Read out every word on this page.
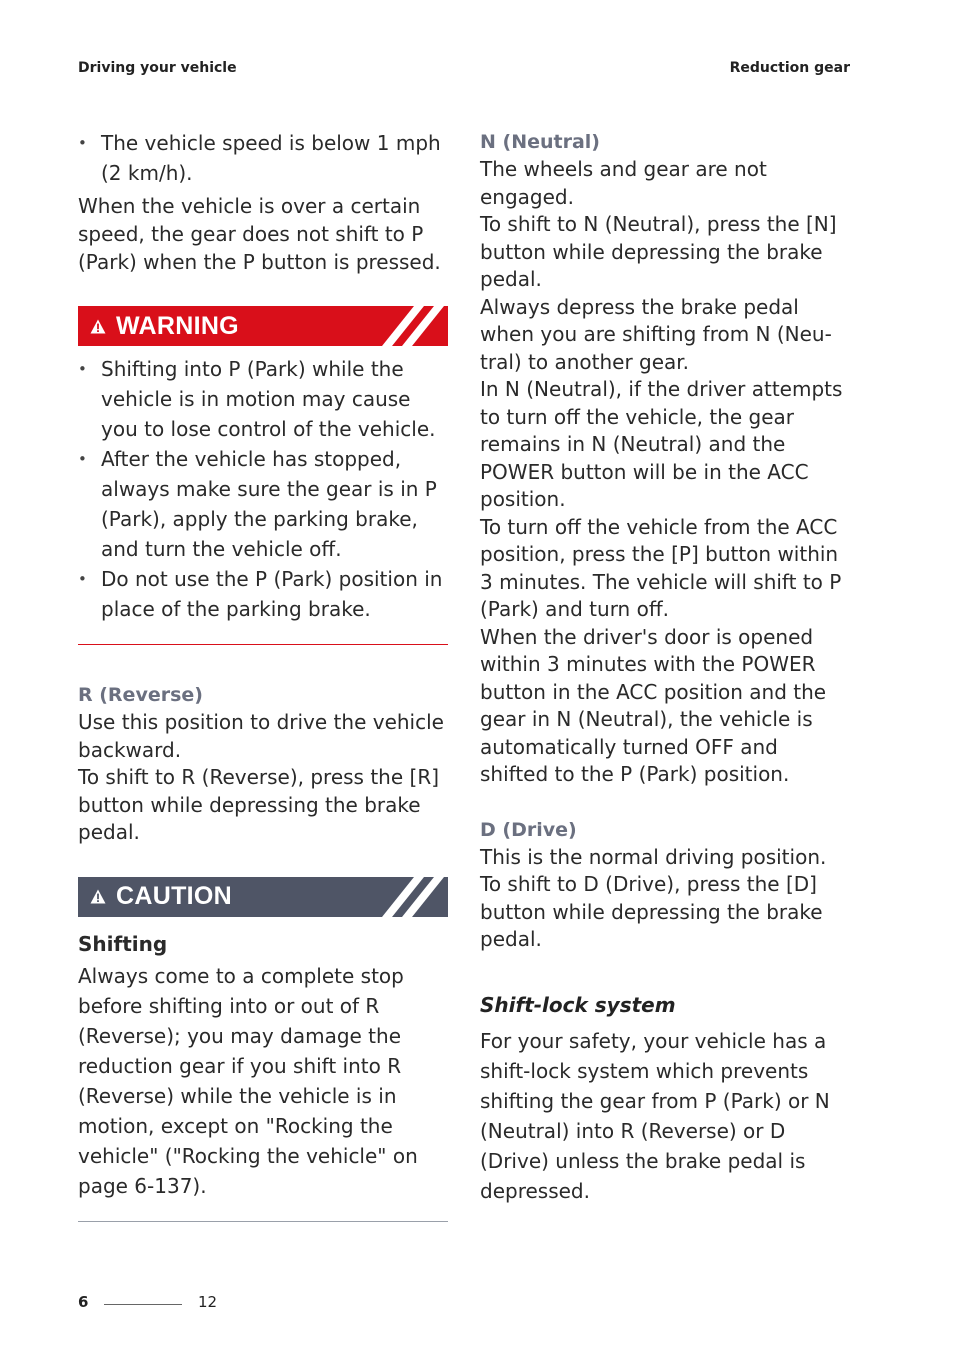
Driving your vehicle	Reduction gear
• The vehicle speed is below 1 mph (2 km/h).

When the vehicle is over a certain speed, the gear does not shift to P (Park) when the P button is pressed.

WARNING
• Shifting into P (Park) while the vehicle is in motion may cause you to lose control of the vehicle.
• After the vehicle has stopped, always make sure the gear is in P (Park), apply the parking brake, and turn the vehicle off.
• Do not use the P (Park) position in place of the parking brake.

R (Reverse)

Use this position to drive the vehicle backward.
To shift to R (Reverse), press the [R] button while depressing the brake pedal.

CAUTION

Shifting

Always come to a complete stop before shifting into or out of R (Reverse); you may damage the reduction gear if you shift into R (Reverse) while the vehicle is in motion, except on "Rocking the vehicle" ("Rocking the vehicle" on page 6-137).

N (Neutral)

The wheels and gear are not engaged.
To shift to N (Neutral), press the [N] button while depressing the brake pedal.
Always depress the brake pedal when you are shifting from N (Neu-tral) to another gear.
In N (Neutral), if the driver attempts to turn off the vehicle, the gear remains in N (Neutral) and the POWER button will be in the ACC position.
To turn off the vehicle from the ACC position, press the [P] button within 3 minutes. The vehicle will shift to P (Park) and turn off.
When the driver's door is opened within 3 minutes with the POWER button in the ACC position and the gear in N (Neutral), the vehicle is automatically turned OFF and shifted to the P (Park) position.

D (Drive)

This is the normal driving position.
To shift to D (Drive), press the [D] button while depressing the brake pedal.

Shift-lock system

For your safety, your vehicle has a shift-lock system which prevents shifting the gear from P (Park) or N (Neutral) into R (Reverse) or D (Drive) unless the brake pedal is depressed.

6	12
